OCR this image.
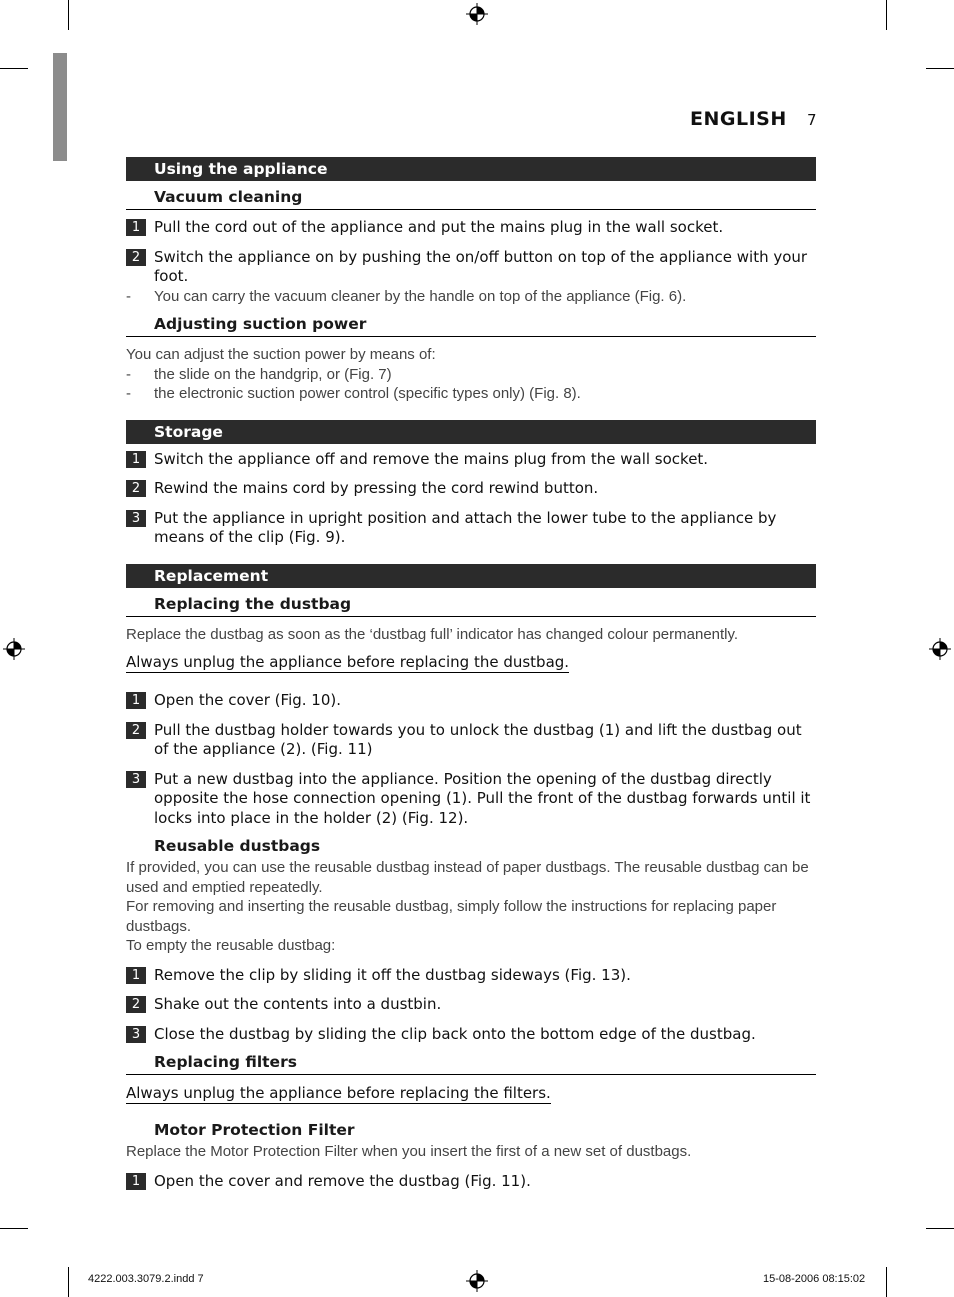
ENGLISH 7
Using the appliance
Vacuum cleaning
1 Pull the cord out of the appliance and put the mains plug in the wall socket.
2 Switch the appliance on by pushing the on/off button on top of the appliance with your foot.
- You can carry the vacuum cleaner by the handle on top of the appliance (Fig. 6).
Adjusting suction power
You can adjust the suction power by means of:
- the slide on the handgrip, or (Fig. 7)
- the electronic suction power control (specific types only) (Fig. 8).
Storage
1 Switch the appliance off and remove the mains plug from the wall socket.
2 Rewind the mains cord by pressing the cord rewind button.
3 Put the appliance in upright position and attach the lower tube to the appliance by means of the clip (Fig. 9).
Replacement
Replacing the dustbag
Replace the dustbag as soon as the ‘dustbag full’ indicator has changed colour permanently.
Always unplug the appliance before replacing the dustbag.
1 Open the cover (Fig. 10).
2 Pull the dustbag holder towards you to unlock the dustbag (1) and lift the dustbag out of the appliance (2). (Fig. 11)
3 Put a new dustbag into the appliance. Position the opening of the dustbag directly opposite the hose connection opening (1). Pull the front of the dustbag forwards until it locks into place in the holder (2) (Fig. 12).
Reusable dustbags
If provided, you can use the reusable dustbag instead of paper dustbags. The reusable dustbag can be used and emptied repeatedly.
For removing and inserting the reusable dustbag, simply follow the instructions for replacing paper dustbags.
To empty the reusable dustbag:
1 Remove the clip by sliding it off the dustbag sideways (Fig. 13).
2 Shake out the contents into a dustbin.
3 Close the dustbag by sliding the clip back onto the bottom edge of the dustbag.
Replacing filters
Always unplug the appliance before replacing the filters.
Motor Protection Filter
Replace the Motor Protection Filter when you insert the first of a new set of dustbags.
1 Open the cover and remove the dustbag (Fig. 11).
4222.003.3079.2.indd 7	15-08-2006 08:15:02
